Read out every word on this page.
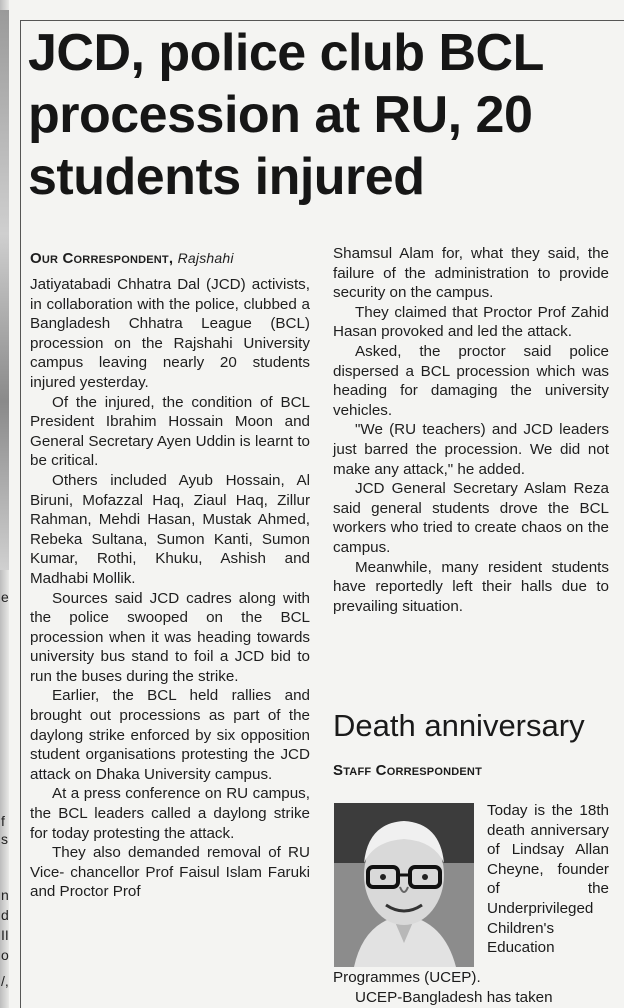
e
f
s
n
d
II
o
/,
JCD, police club BCL procession at RU, 20 students injured
Our Correspondent, Rajshahi

Jatiyatabadi Chhatra Dal (JCD) activists, in collaboration with the police, clubbed a Bangladesh Chhatra League (BCL) procession on the Rajshahi University campus leaving nearly 20 students injured yesterday.

Of the injured, the condition of BCL President Ibrahim Hossain Moon and General Secretary Ayen Uddin is learnt to be critical.

Others included Ayub Hossain, Al Biruni, Mofazzal Haq, Ziaul Haq, Zillur Rahman, Mehdi Hasan, Mustak Ahmed, Rebeka Sultana, Sumon Kanti, Sumon Kumar, Rothi, Khuku, Ashish and Madhabi Mollik.

Sources said JCD cadres along with the police swooped on the BCL procession when it was heading towards university bus stand to foil a JCD bid to run the buses during the strike.

Earlier, the BCL held rallies and brought out processions as part of the daylong strike enforced by six opposition student organisations protesting the JCD attack on Dhaka University campus.

At a press conference on RU campus, the BCL leaders called a daylong strike for today protesting the attack.

They also demanded removal of RU Vice- chancellor Prof Faisul Islam Faruki and Proctor Prof

Shamsul Alam for, what they said, the failure of the administration to provide security on the campus.

They claimed that Proctor Prof Zahid Hasan provoked and led the attack.

Asked, the proctor said police dispersed a BCL procession which was heading for damaging the university vehicles.

"We (RU teachers) and JCD leaders just barred the procession. We did not make any attack," he added.

JCD General Secretary Aslam Reza said general students drove the BCL workers who tried to create chaos on the campus.

Meanwhile, many resident students have reportedly left their halls due to prevailing situation.

Death anniversary
Staff Correspondent
Today is the 18th death anniversary of Lindsay Allan Cheyne, founder of the Underprivileged Children's Education

Programmes (UCEP).

UCEP-Bangladesh has taken
